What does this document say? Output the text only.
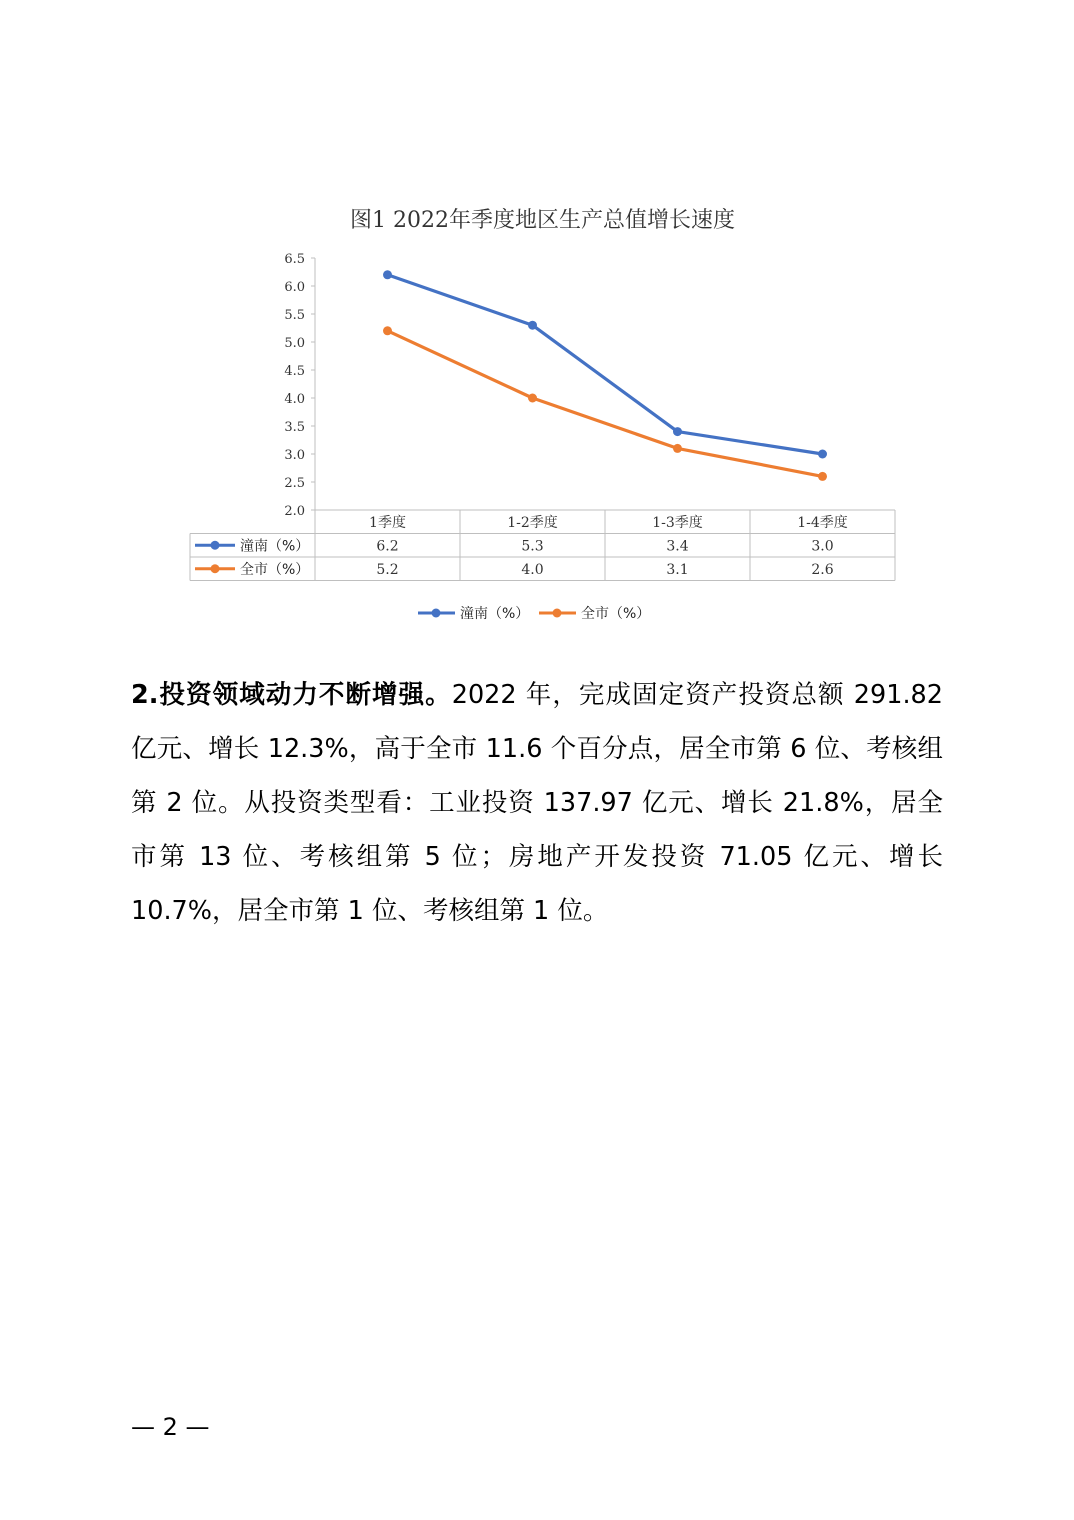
图1 2022年季度地区生产总值增长速度
6.5
6.0
5.5
5.0
4.5
4.0
3.5
3.0
2.5
2.0
1季度	1-2季度	1-3季度	1-4季度
潼南（%）	6.2	5.3	3.4	3.0
全市（%）	5.2	4.0	3.1	2.6
潼南（%）	全市（%）

2.投资领域动力不断增强。2022 年，完成固定资产投资总额 291.82 亿元、增长 12.3%，高于全市 11.6 个百分点，居全市第 6 位、考核组第 2 位。从投资类型看：工业投资 137.97 亿元、增长 21.8%，居全市第 13 位、考核组第 5 位；房地产开发投资 71.05 亿元、增长 10.7%，居全市第 1 位、考核组第 1 位。

— 2 —
